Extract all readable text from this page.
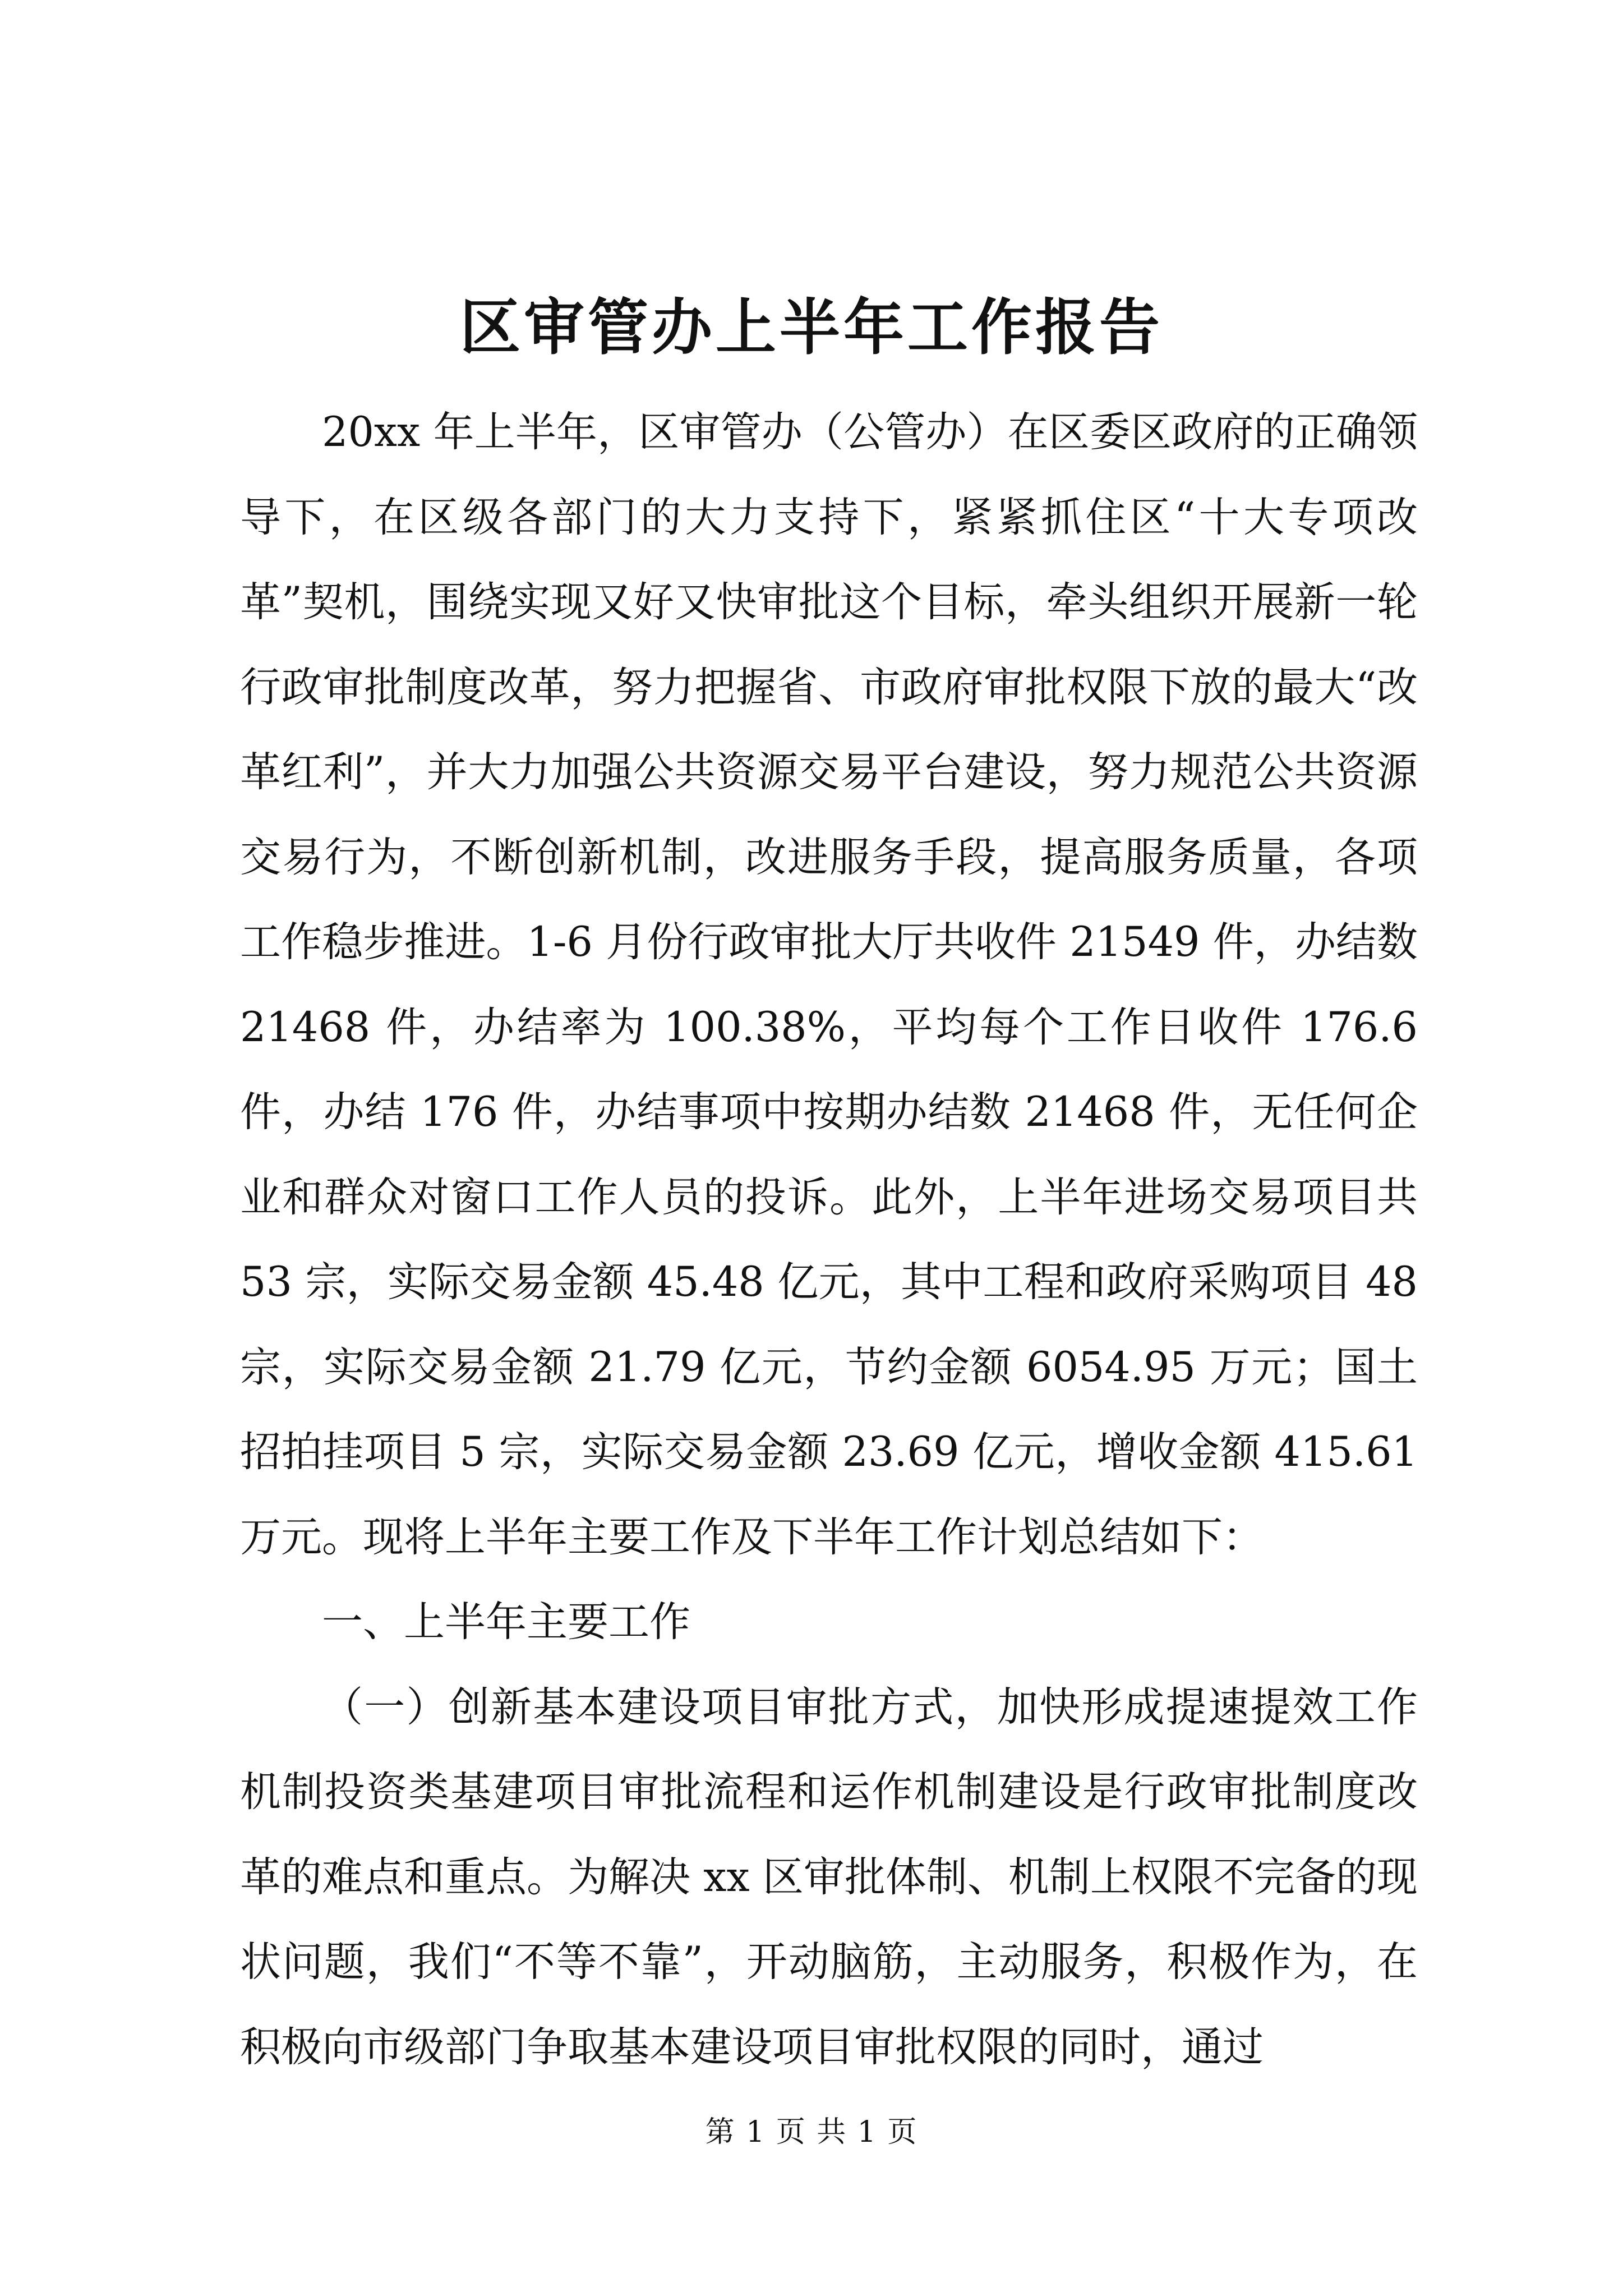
区审管办上半年工作报告

20xx 年上半年，区审管办（公管办）在区委区政府的正确领导下，在区级各部门的大力支持下，紧紧抓住区“十大专项改革”契机，围绕实现又好又快审批这个目标，牵头组织开展新一轮行政审批制度改革，努力把握省、市政府审批权限下放的最大“改革红利”，并大力加强公共资源交易平台建设，努力规范公共资源交易行为，不断创新机制，改进服务手段，提高服务质量，各项工作稳步推进。1-6 月份行政审批大厅共收件 21549 件，办结数 21468 件，办结率为 100.38%，平均每个工作日收件 176.6 件，办结 176 件，办结事项中按期办结数 21468 件，无任何企业和群众对窗口工作人员的投诉。此外，上半年进场交易项目共 53 宗，实际交易金额 45.48 亿元，其中工程和政府采购项目 48 宗，实际交易金额 21.79 亿元，节约金额 6054.95 万元；国土招拍挂项目 5 宗，实际交易金额 23.69 亿元，增收金额 415.61 万元。现将上半年主要工作及下半年工作计划总结如下：

一、上半年主要工作

（一）创新基本建设项目审批方式，加快形成提速提效工作机制投资类基建项目审批流程和运作机制建设是行政审批制度改革的难点和重点。为解决 xx 区审批体制、机制上权限不完备的现状问题，我们“不等不靠”，开动脑筋，主动服务，积极作为，在积极向市级部门争取基本建设项目审批权限的同时，通过

第 1 页 共 1 页
